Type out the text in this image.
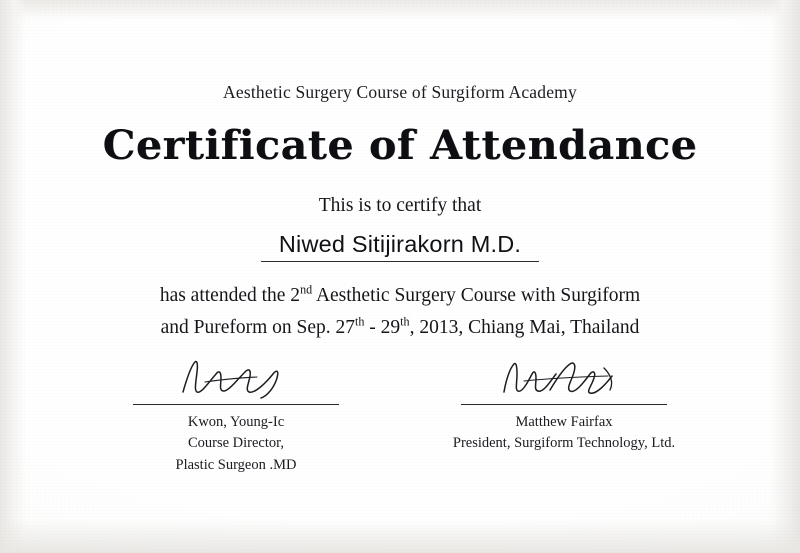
Aesthetic Surgery Course of Surgiform Academy
Certificate of Attendance
This is to certify that
Niwed Sitijirakorn M.D.
has attended the 2nd Aesthetic Surgery Course with Surgiform
and Pureform on Sep. 27th - 29th, 2013, Chiang Mai, Thailand
Kwon, Young-Ic
Course Director,
Plastic Surgeon .MD
Matthew Fairfax
President, Surgiform Technology, Ltd.
